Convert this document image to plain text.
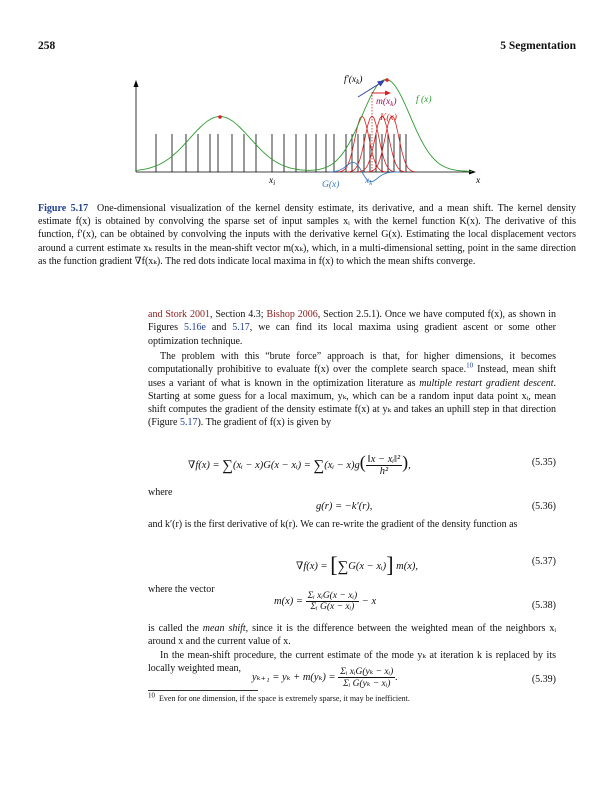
258	5 Segmentation
$f'(x_k)$
$m(x_k)$ f (x)
K(x)
$x_i$	G(x)	$x_k$	x
Figure 5.17 One-dimensional visualization of the kernel density estimate, its derivative, and a mean shift. The kernel density estimate f(x) is obtained by convolving the sparse set of input samples xᵢ with the kernel function K(x). The derivative of this function, f′(x), can be obtained by convolving the inputs with the derivative kernel G(x). Estimating the local displacement vectors around a current estimate xₖ results in the mean-shift vector m(xₖ), which, in a multi-dimensional setting, point in the same direction as the function gradient ∇f(xₖ). The red dots indicate local maxima in f(x) to which the mean shifts converge.
and Stork 2001, Section 4.3; Bishop 2006, Section 2.5.1). Once we have computed f(x), as shown in Figures 5.16e and 5.17, we can find its local maxima using gradient ascent or some other optimization technique.
The problem with this “brute force” approach is that, for higher dimensions, it becomes computationally prohibitive to evaluate f(x) over the complete search space.$^{10}$ Instead, mean shift uses a variant of what is known in the optimization literature as multiple restart gradient descent. Starting at some guess for a local maximum, yₖ, which can be a random input data point xᵢ, mean shift computes the gradient of the density estimate f(x) at yₖ and takes an uphill step in that direction (Figure 5.17). The gradient of f(x) is given by
∇f(x) = ∑(xᵢ − x)G(x − xᵢ) = ∑(xᵢ − $x)g( \frac{\text{‖x − xᵢ‖²}}{\text{h²}}$ ),	(5.35)
where
g(r) = −k′(r),	(5.36)
and k′(r) is the first derivative of k(r). We can re-write the gradient of the density function as
∇f(x) = [∑G(x − xᵢ)] m(x),	(5.37)
where the vector
$m(x) = \frac{\text{Σᵢ xᵢG(x − xᵢ)}}{\text{Σᵢ G(x − xᵢ)}} - x$	(5.38)
is called the mean shift, since it is the difference between the weighted mean of the neighbors xᵢ around x and the current value of x.
In the mean-shift procedure, the current estimate of the mode yₖ at iteration k is replaced by its locally weighted mean,
$^{10}$ Even for one dimension, if the space is extremely sparse, it may be inefficient.
$y_{k+1} = y_k + m(y_k) = \frac{\text{Σᵢ xᵢG(yₖ − xᵢ)}}{\text{Σᵢ G(yₖ − xᵢ)}}$ .	(5.39)
